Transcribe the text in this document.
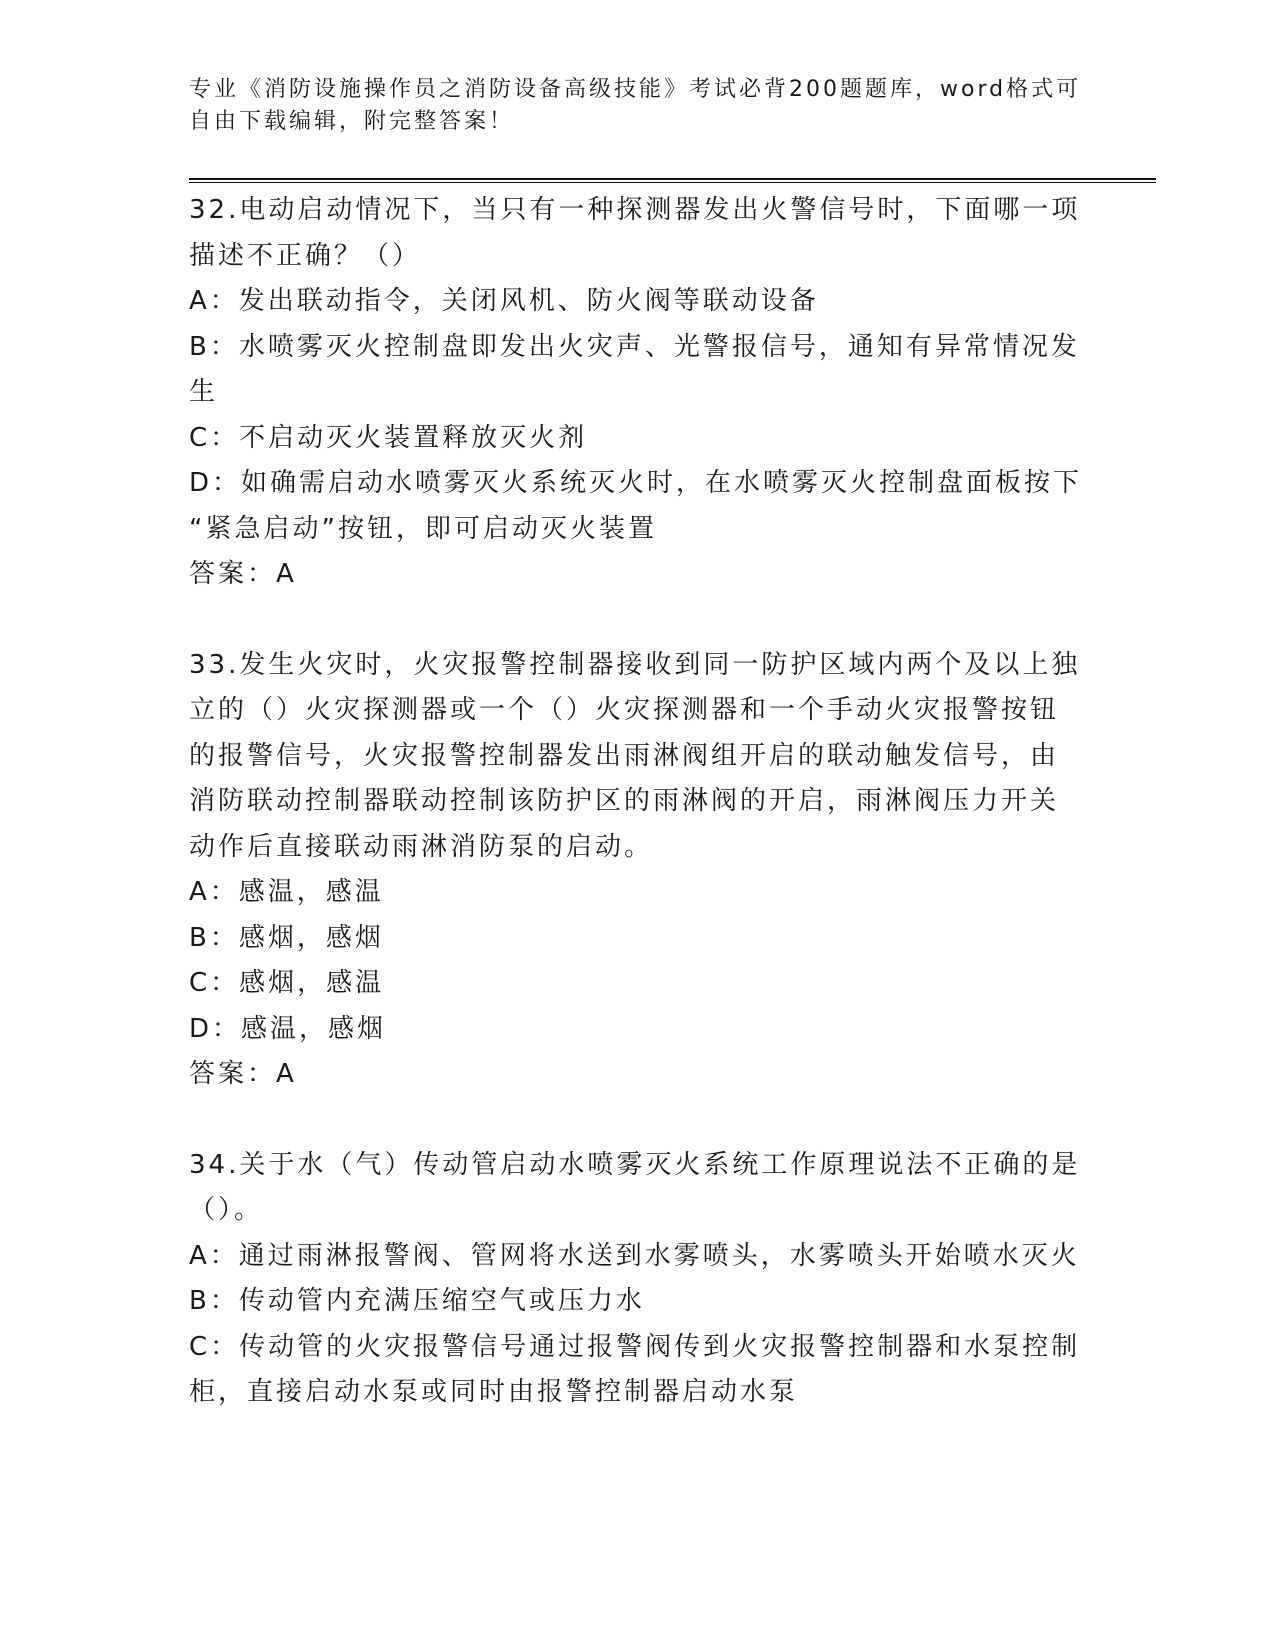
专业《消防设施操作员之消防设备高级技能》考试必背200题题库，word格式可
自由下载编辑，附完整答案！

32.电动启动情况下，当只有一种探测器发出火警信号时，下面哪一项

描述不正确？（）

A：发出联动指令，关闭风机、防火阀等联动设备

B：水喷雾灭火控制盘即发出火灾声、光警报信号，通知有异常情况发

生

C：不启动灭火装置释放灭火剂

D：如确需启动水喷雾灭火系统灭火时，在水喷雾灭火控制盘面板按下

“紧急启动”按钮，即可启动灭火装置

答案：A

33.发生火灾时，火灾报警控制器接收到同一防护区域内两个及以上独

立的（）火灾探测器或一个（）火灾探测器和一个手动火灾报警按钮

的报警信号，火灾报警控制器发出雨淋阀组开启的联动触发信号，由

消防联动控制器联动控制该防护区的雨淋阀的开启，雨淋阀压力开关

动作后直接联动雨淋消防泵的启动。

A：感温，感温

B：感烟，感烟

C：感烟，感温

D：感温，感烟

答案：A

34.关于水（气）传动管启动水喷雾灭火系统工作原理说法不正确的是

（）。

A：通过雨淋报警阀、管网将水送到水雾喷头，水雾喷头开始喷水灭火

B：传动管内充满压缩空气或压力水

C：传动管的火灾报警信号通过报警阀传到火灾报警控制器和水泵控制

柜，直接启动水泵或同时由报警控制器启动水泵
